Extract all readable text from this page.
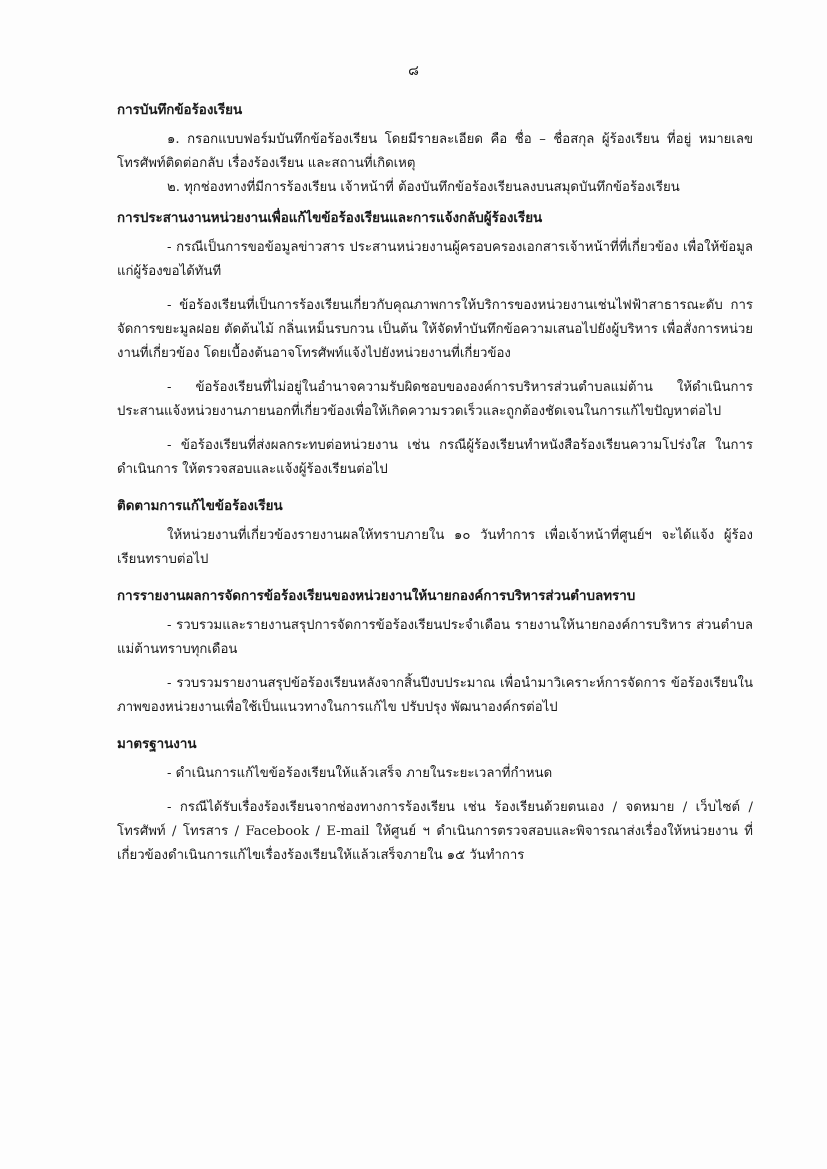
๘
การบันทึกข้อร้องเรียน

๑. กรอกแบบฟอร์มบันทึกข้อร้องเรียน โดยมีรายละเอียด คือ ชื่อ – ชื่อสกุล ผู้ร้องเรียน ที่อยู่ หมายเลขโทรศัพท์ติดต่อกลับ เรื่องร้องเรียน และสถานที่เกิดเหตุ

๒. ทุกช่องทางที่มีการร้องเรียน เจ้าหน้าที่ ต้องบันทึกข้อร้องเรียนลงบนสมุดบันทึกข้อร้องเรียน

การประสานงานหน่วยงานเพื่อแก้ไขข้อร้องเรียนและการแจ้งกลับผู้ร้องเรียน

- กรณีเป็นการขอข้อมูลข่าวสาร ประสานหน่วยงานผู้ครอบครองเอกสารเจ้าหน้าที่ที่เกี่ยวข้อง เพื่อให้ข้อมูลแก่ผู้ร้องขอได้ทันที

- ข้อร้องเรียนที่เป็นการร้องเรียนเกี่ยวกับคุณภาพการให้บริการของหน่วยงานเช่นไฟฟ้าสาธารณะดับ การจัดการขยะมูลฝอย ตัดต้นไม้ กลิ่นเหม็นรบกวน เป็นต้น ให้จัดทำบันทึกข้อความเสนอไปยังผู้บริหาร เพื่อสั่งการหน่วยงานที่เกี่ยวข้อง โดยเบื้องต้นอาจโทรศัพท์แจ้งไปยังหน่วยงานที่เกี่ยวข้อง

- ข้อร้องเรียนที่ไม่อยู่ในอำนาจความรับผิดชอบขององค์การบริหารส่วนตำบลแม่ต้าน ให้ดำเนินการ ประสานแจ้งหน่วยงานภายนอกที่เกี่ยวข้องเพื่อให้เกิดความรวดเร็วและถูกต้องชัดเจนในการแก้ไขปัญหาต่อไป

- ข้อร้องเรียนที่ส่งผลกระทบต่อหน่วยงาน เช่น กรณีผู้ร้องเรียนทำหนังสือร้องเรียนความโปร่งใส ในการดำเนินการ ให้ตรวจสอบและแจ้งผู้ร้องเรียนต่อไป

ติดตามการแก้ไขข้อร้องเรียน

ให้หน่วยงานที่เกี่ยวข้องรายงานผลให้ทราบภายใน ๑๐ วันทำการ เพื่อเจ้าหน้าที่ศูนย์ฯ จะได้แจ้ง ผู้ร้องเรียนทราบต่อไป

การรายงานผลการจัดการข้อร้องเรียนของหน่วยงานให้นายกองค์การบริหารส่วนตำบลทราบ

- รวบรวมและรายงานสรุปการจัดการข้อร้องเรียนประจำเดือน รายงานให้นายกองค์การบริหาร ส่วนตำบลแม่ต้านทราบทุกเดือน

- รวบรวมรายงานสรุปข้อร้องเรียนหลังจากสิ้นปีงบประมาณ เพื่อนำมาวิเคราะห์การจัดการ ข้อร้องเรียนในภาพของหน่วยงานเพื่อใช้เป็นแนวทางในการแก้ไข ปรับปรุง พัฒนาองค์กรต่อไป

มาตรฐานงาน

- ดำเนินการแก้ไขข้อร้องเรียนให้แล้วเสร็จ ภายในระยะเวลาที่กำหนด

- กรณีได้รับเรื่องร้องเรียนจากช่องทางการร้องเรียน เช่น ร้องเรียนด้วยตนเอง / จดหมาย / เว็บไซต์ / โทรศัพท์ / โทรสาร / Facebook / E-mail ให้ศูนย์ ฯ ดำเนินการตรวจสอบและพิจารณาส่งเรื่องให้หน่วยงาน ที่เกี่ยวข้องดำเนินการแก้ไขเรื่องร้องเรียนให้แล้วเสร็จภายใน ๑๕ วันทำการ
